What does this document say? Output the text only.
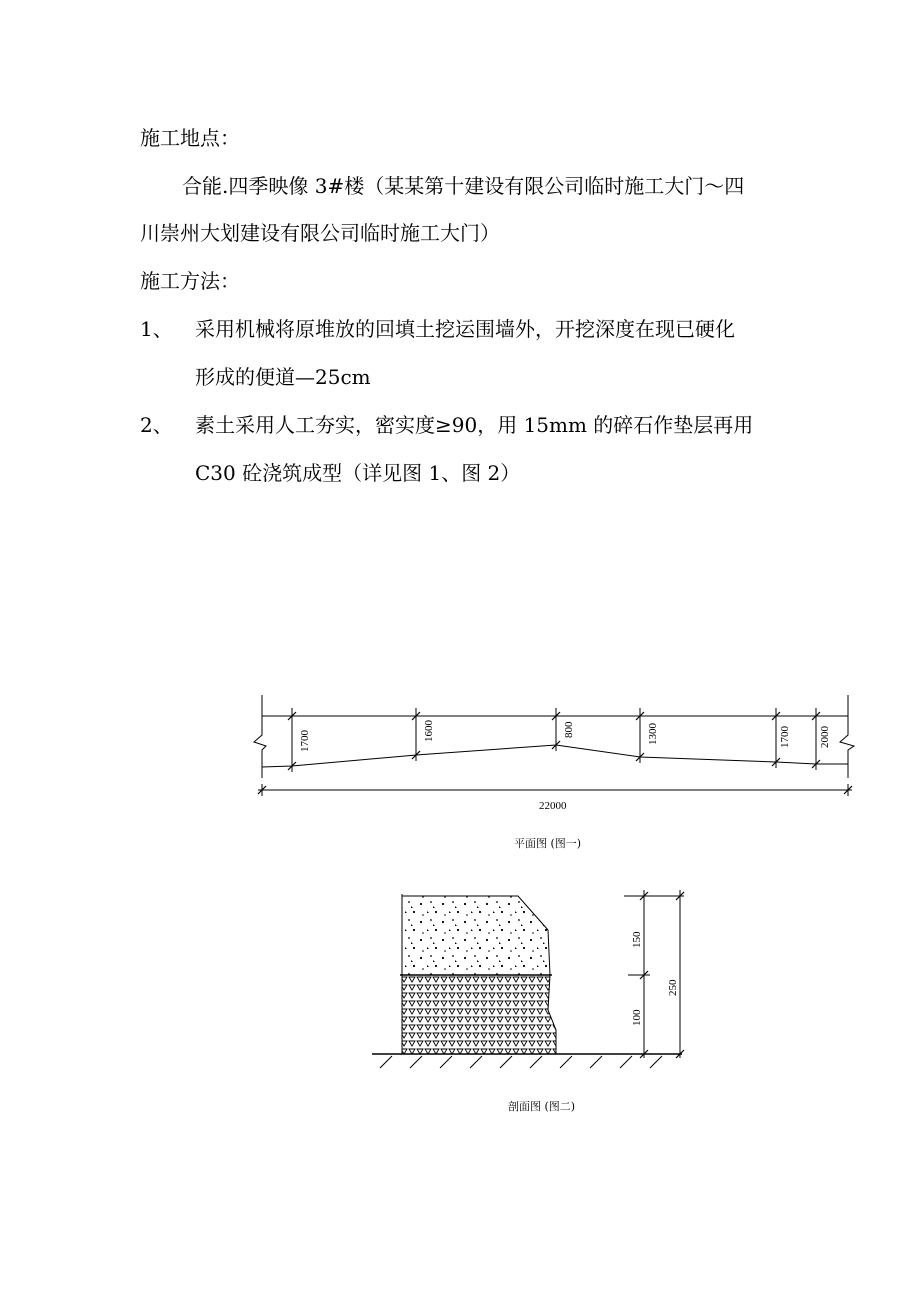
施工地点：
合能.四季映像 3#楼（某某第十建设有限公司临时施工大门～四
川崇州大划建设有限公司临时施工大门）
施工方法：
1、 采用机械将原堆放的回填土挖运围墙外，开挖深度在现已硬化
形成的便道—25cm
2、 素土采用人工夯实，密实度≥90，用 15mm 的碎石作垫层再用
C30 砼浇筑成型（详见图 1、图 2）
1700	1600	800	1300	1700	2000
22000
平面图 (图一)
150
100
250
剖面图 (图二)
